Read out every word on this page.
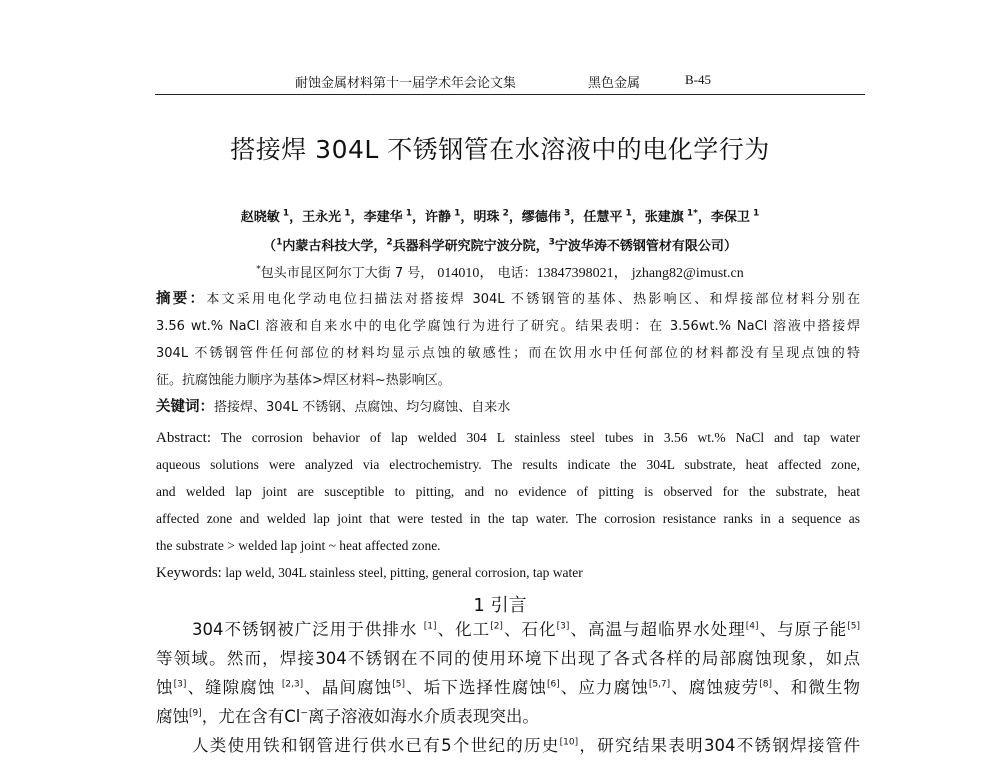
耐蚀金属材料第十一届学术年会论文集	黑色金属	B-45
搭接焊 304L 不锈钢管在水溶液中的电化学行为
赵晓敏 $^1$，王永光 $^1$，李建华 $^1$，许静 $^1$，明珠 $^2$，缪德伟 $^3$，任慧平 $^1$，张建旗 $^{1*}$，李保卫 $^1$
（$^1$内蒙古科技大学，$^2$兵器科学研究院宁波分院，$^3$宁波华涛不锈钢管材有限公司）
*包头市昆区阿尔丁大街 7 号， 014010， 电话：13847398021， jzhang82@imust.cn
摘要：本文采用电化学动电位扫描法对搭接焊 304L 不锈钢管的基体、热影响区、和焊接部位材料分别在
3.56 wt.% NaCl 溶液和自来水中的电化学腐蚀行为进行了研究。结果表明：在 3.56wt.% NaCl 溶液中搭接焊
304L 不锈钢管件任何部位的材料均显示点蚀的敏感性；而在饮用水中任何部位的材料都没有呈现点蚀的特
征。抗腐蚀能力顺序为基体>焊区材料~热影响区。
关键词：搭接焊、304L 不锈钢、点腐蚀、均匀腐蚀、自来水
Abstract: The corrosion behavior of lap welded 304 L stainless steel tubes in 3.56 wt.% NaCl and tap water
aqueous solutions were analyzed via electrochemistry. The results indicate the 304L substrate, heat affected zone,
and welded lap joint are susceptible to pitting, and no evidence of pitting is observed for the substrate, heat
affected zone and welded lap joint that were tested in the tap water. The corrosion resistance ranks in a sequence as
the substrate > welded lap joint ~ heat affected zone.
Keywords: lap weld, 304L stainless steel, pitting, general corrosion, tap water
1 引言
304不锈钢被广泛用于供排水 [1]、化工[2]、石化[3]、高温与超临界水处理[4]、与原子能[5]
等领域。然而，焊接304不锈钢在不同的使用环境下出现了各式各样的局部腐蚀现象，如点
蚀[3]、缝隙腐蚀 [2,3]、晶间腐蚀[5]、垢下选择性腐蚀[6]、应力腐蚀[5,7]、腐蚀疲劳[8]、和微生物
腐蚀[9]，尤在含有Cl−离子溶液如海水介质表现突出。
人类使用铁和钢管进行供水已有5个世纪的历史[10]，研究结果表明304不锈钢焊接管件
